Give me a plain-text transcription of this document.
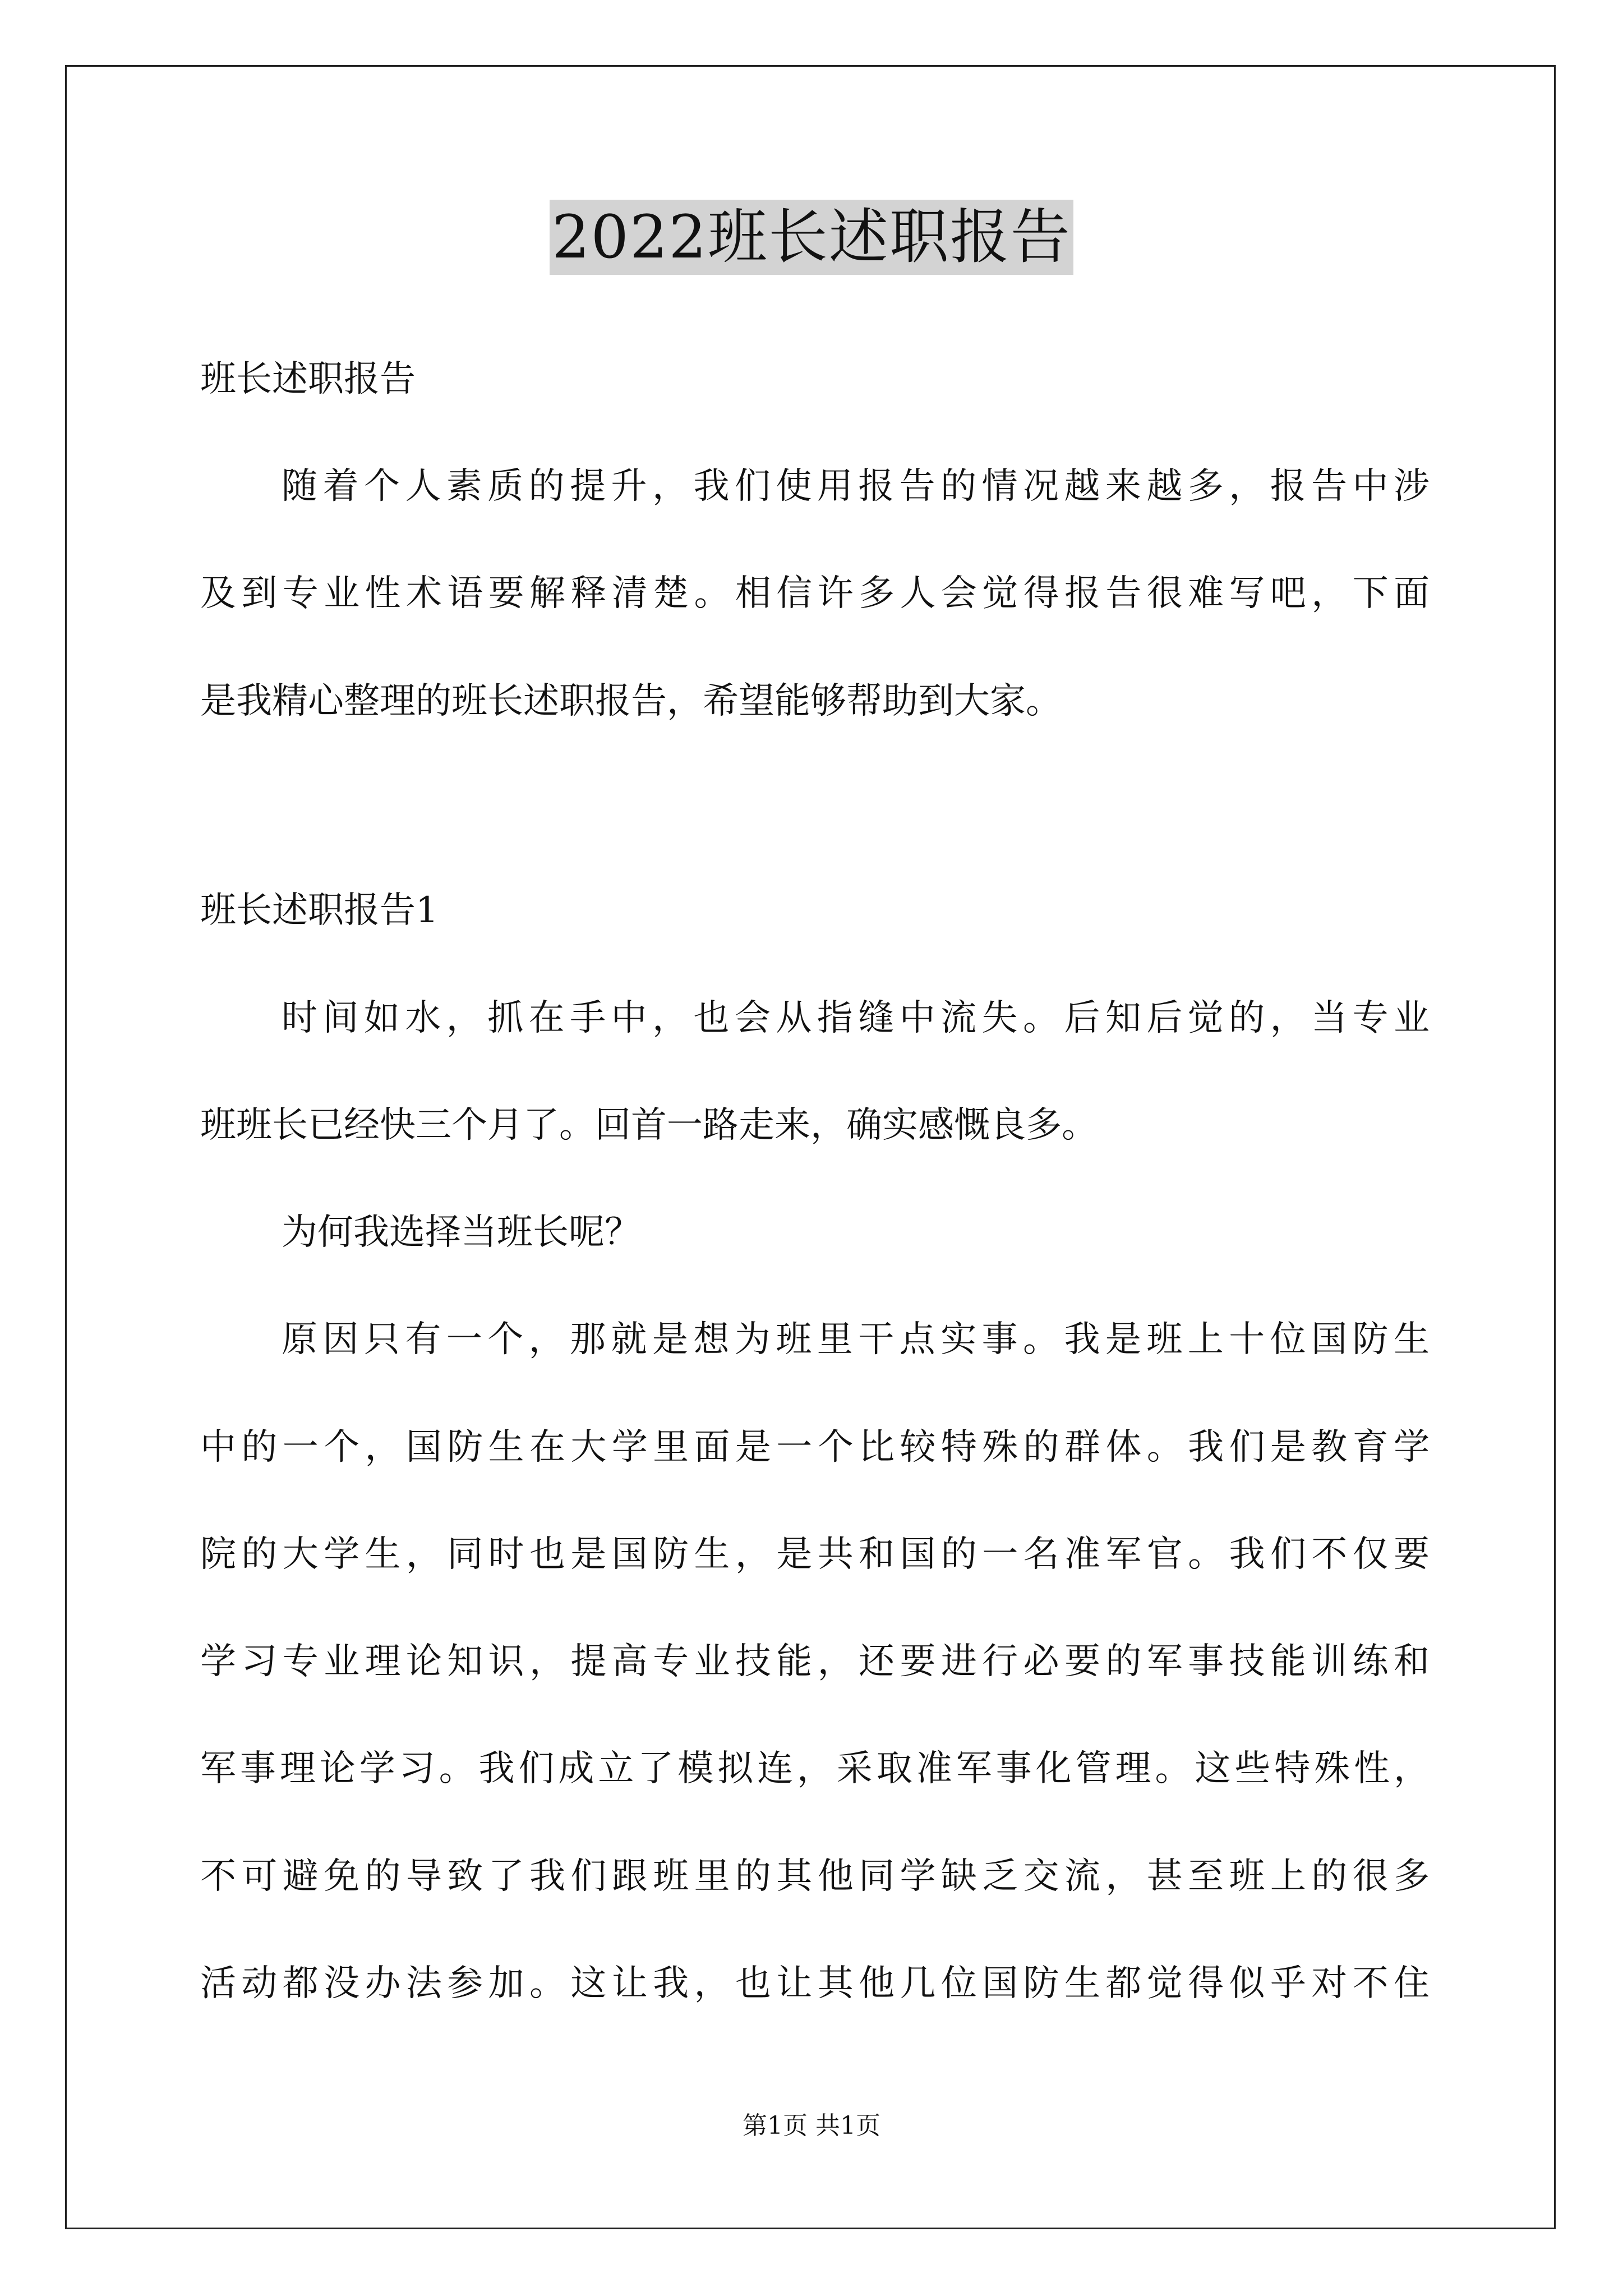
2022班长述职报告
班长述职报告
随着个人素质的提升，我们使用报告的情况越来越多，报告中涉
及到专业性术语要解释清楚。相信许多人会觉得报告很难写吧，下面
是我精心整理的班长述职报告，希望能够帮助到大家。
班长述职报告1
时间如水，抓在手中，也会从指缝中流失。后知后觉的，当专业
班班长已经快三个月了。回首一路走来，确实感慨良多。
为何我选择当班长呢？
原因只有一个，那就是想为班里干点实事。我是班上十位国防生
中的一个，国防生在大学里面是一个比较特殊的群体。我们是教育学
院的大学生，同时也是国防生，是共和国的一名准军官。我们不仅要
学习专业理论知识，提高专业技能，还要进行必要的军事技能训练和
军事理论学习。我们成立了模拟连，采取准军事化管理。这些特殊性，
不可避免的导致了我们跟班里的其他同学缺乏交流，甚至班上的很多
活动都没办法参加。这让我，也让其他几位国防生都觉得似乎对不住
第1页 共1页
